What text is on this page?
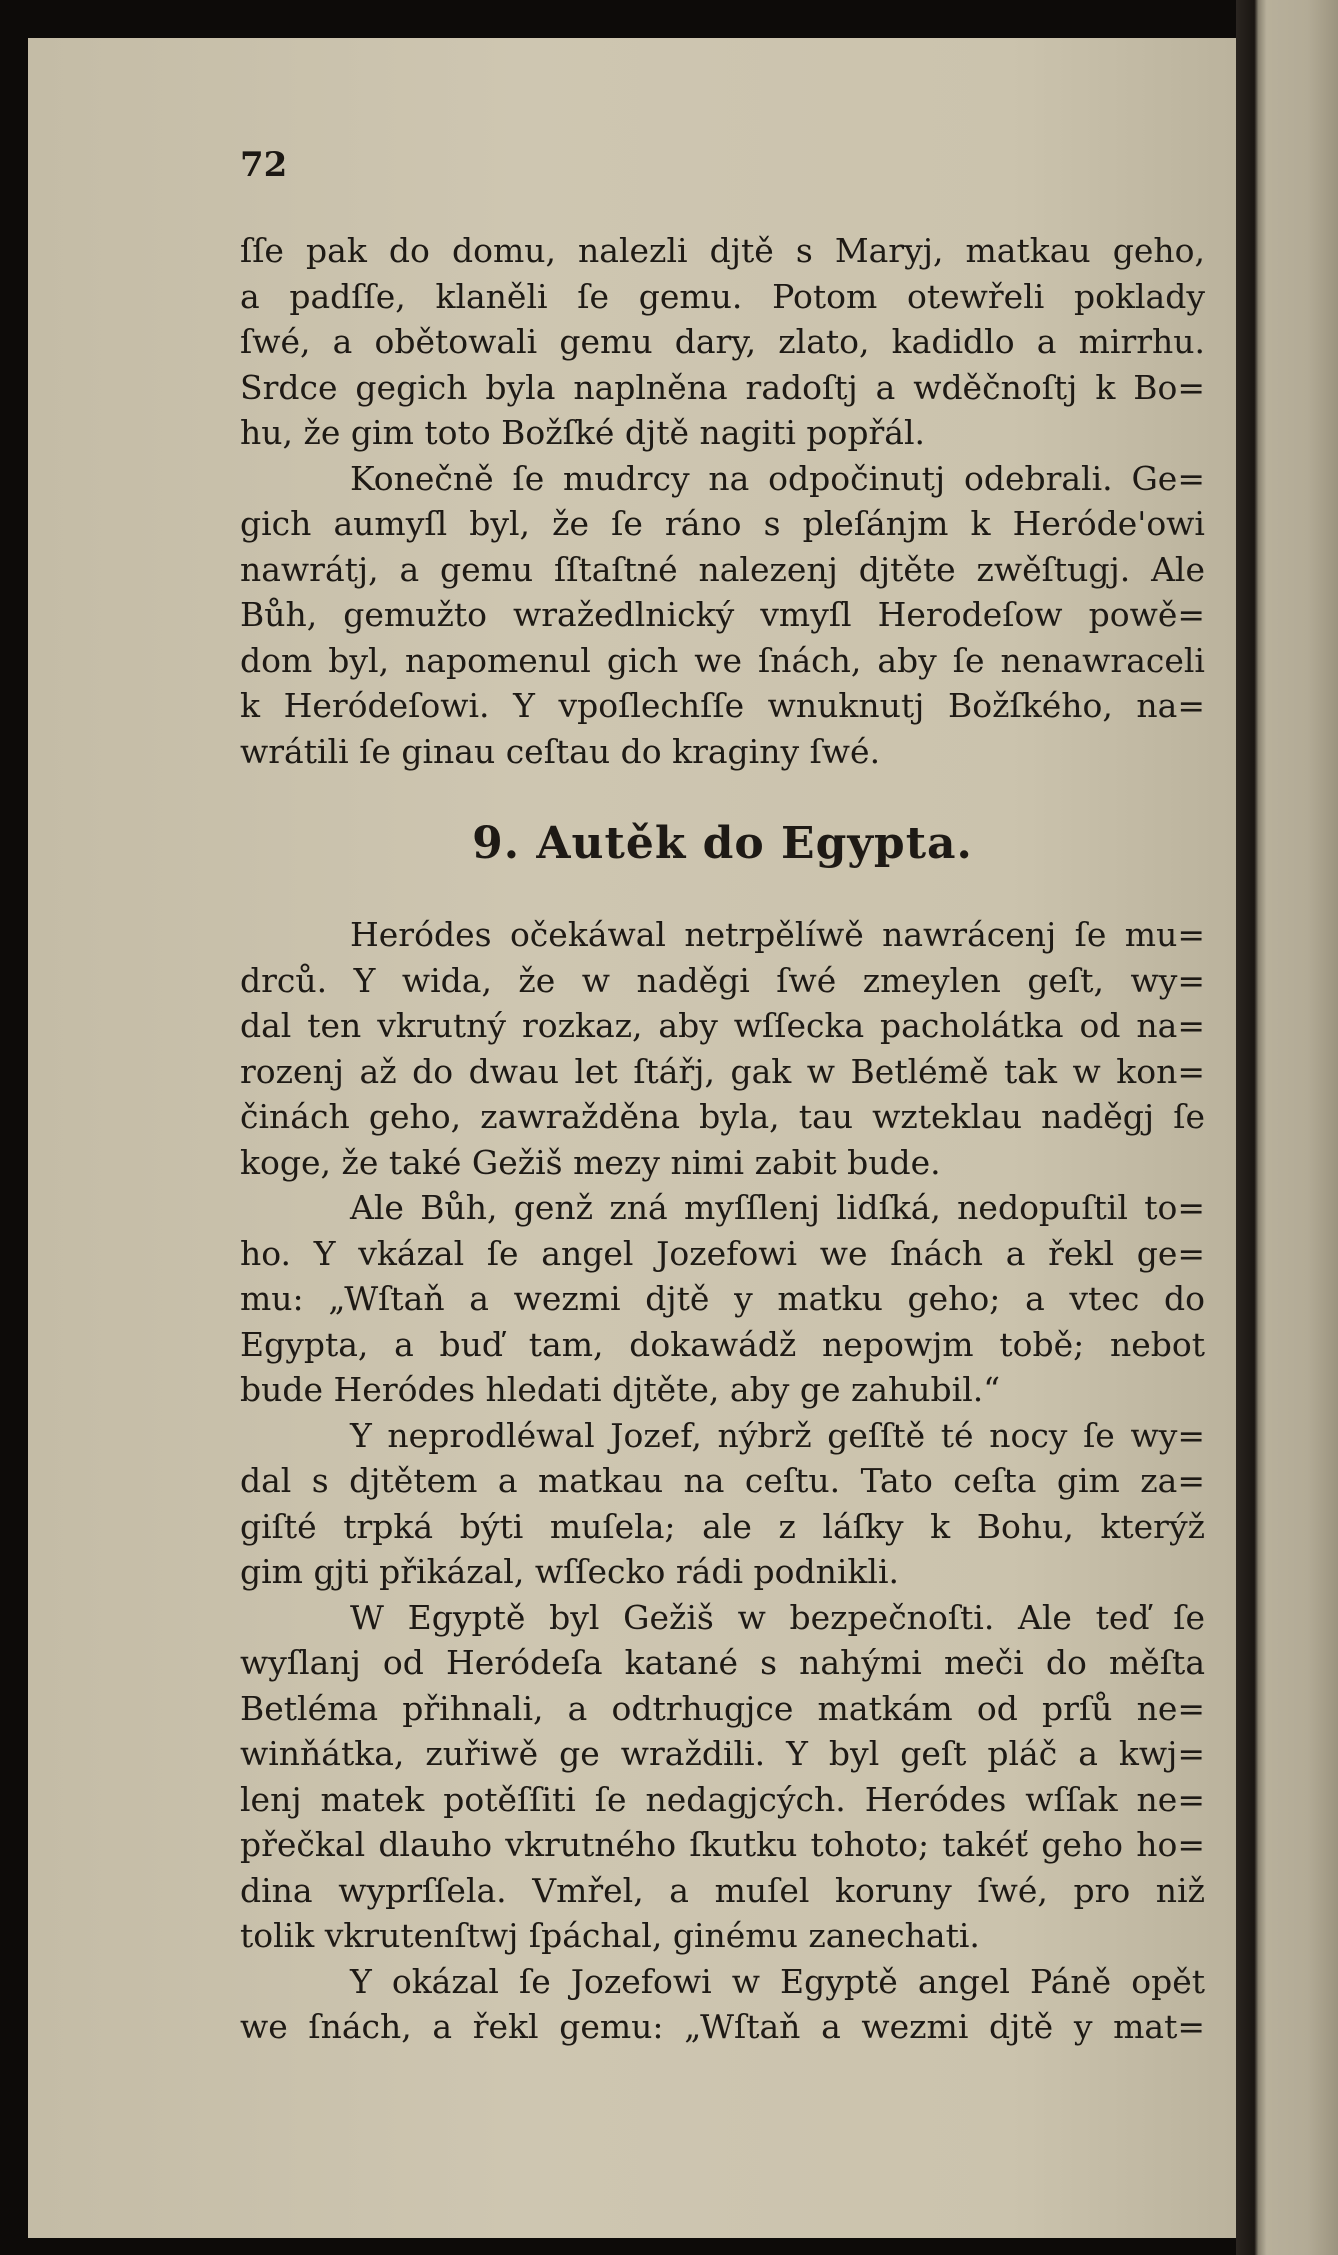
72
ſſe pak do domu, nalezli djtě s Maryj, matkau geho,
a padſſe, klaněli ſe gemu. Potom otewřeli poklady
ſwé, a obětowali gemu dary, zlato, kadidlo a mirrhu.
Srdce gegich byla naplněna radoſtj a wděčnoſtj k Bo=
hu, že gim toto Božſké djtě nagiti popřál.
Konečně ſe mudrcy na odpočinutj odebrali. Ge=
gich aumyſl byl, že ſe ráno s pleſánjm k Heróde'owi
nawrátj, a gemu ſſtaſtné nalezenj djtěte zwěſtugj. Ale
Bůh, gemužto wražedlnický vmyſl Herodeſow powě=
dom byl, napomenul gich we ſnách, aby ſe nenawraceli
k Heródeſowi. Y vpoſlechſſe wnuknutj Božſkého, na=
wrátili ſe ginau ceſtau do kraginy ſwé.
9. Autěk do Egypta.
Heródes očekáwal netrpělíwě nawrácenj ſe mu=
drců. Y wida, že w naděgi ſwé zmeylen geſt, wy=
dal ten vkrutný rozkaz, aby wſſecka pacholátka od na=
rozenj až do dwau let ſtářj, gak w Betlémě tak w kon=
činách geho, zawražděna byla, tau wzteklau naděgj ſe
koge, že také Gežiš mezy nimi zabit bude.
Ale Bůh, genž zná myſſlenj lidſká, nedopuſtil to=
ho. Y vkázal ſe angel Jozefowi we ſnách a řekl ge=
mu: „Wſtaň a wezmi djtě y matku geho; a vtec do
Egypta, a buď tam, dokawádž nepowjm tobě; nebot
bude Heródes hledati djtěte, aby ge zahubil.“
Y neprodléwal Jozef, nýbrž geſſtě té nocy ſe wy=
dal s djtětem a matkau na ceſtu. Tato ceſta gim za=
giſté trpká býti muſela; ale z láſky k Bohu, kterýž
gim gjti přikázal, wſſecko rádi podnikli.
W Egyptě byl Gežiš w bezpečnoſti. Ale teď ſe
wyſlanj od Heródeſa katané s nahými meči do měſta
Betléma přihnali, a odtrhugjce matkám od prſů ne=
winňátka, zuřiwě ge wraždili. Y byl geſt pláč a kwj=
lenj matek potěſſiti ſe nedagjcých. Heródes wſſak ne=
přečkal dlauho vkrutného ſkutku tohoto; takéť geho ho=
dina wyprſſela. Vmřel, a muſel koruny ſwé, pro niž
tolik vkrutenſtwj ſpáchal, ginému zanechati.
Y okázal ſe Jozefowi w Egyptě angel Páně opět
we ſnách, a řekl gemu: „Wſtaň a wezmi djtě y mat=
